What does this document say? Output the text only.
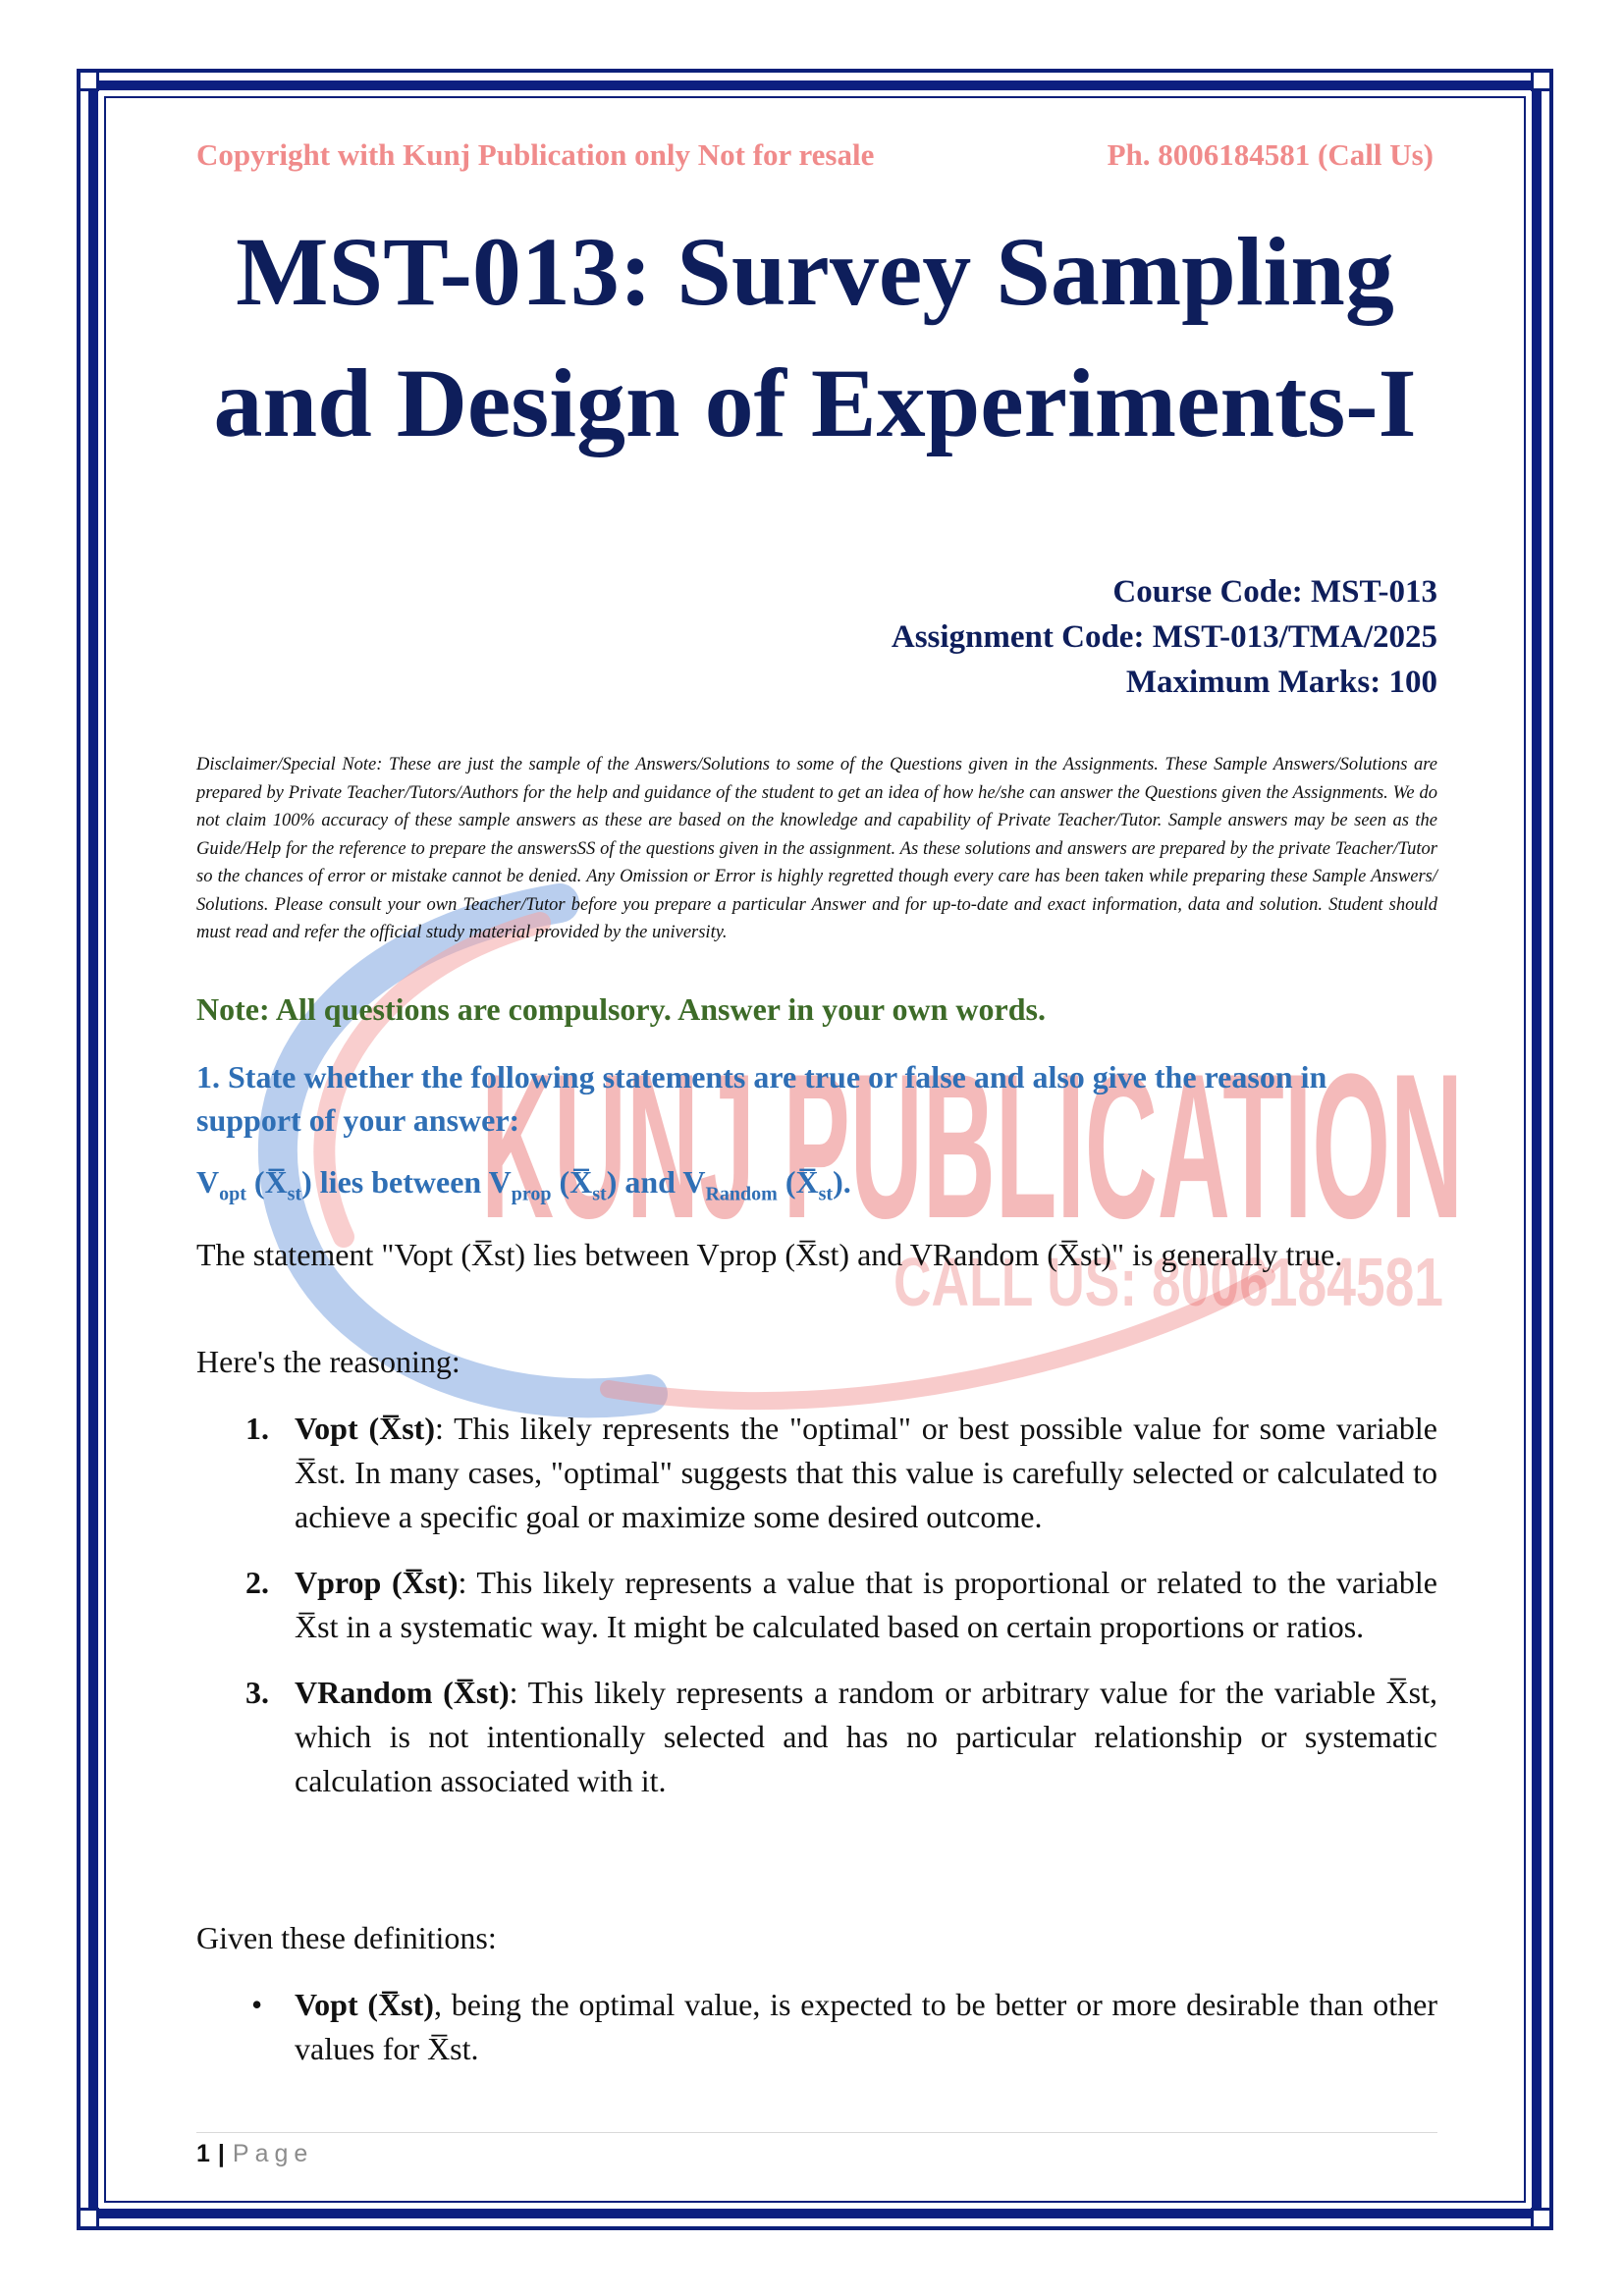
KUNJ PUBLICATION
CALL US: 8006184581
Copyright with Kunj Publication only Not for resale	Ph. 8006184581 (Call Us)
MST-013: Survey Sampling
and Design of Experiments-I
Course Code: MST-013
Assignment Code: MST-013/TMA/2025
Maximum Marks: 100
Disclaimer/Special Note: These are just the sample of the Answers/Solutions to some of the Questions given in the Assignments. These Sample Answers/Solutions are prepared by Private Teacher/Tutors/Authors for the help and guidance of the student to get an idea of how he/she can answer the Questions given the Assignments. We do not claim 100% accuracy of these sample answers as these are based on the knowledge and capability of Private Teacher/Tutor. Sample answers may be seen as the Guide/Help for the reference to prepare the answersSS of the questions given in the assignment. As these solutions and answers are prepared by the private Teacher/Tutor so the chances of error or mistake cannot be denied. Any Omission or Error is highly regretted though every care has been taken while preparing these Sample Answers/ Solutions. Please consult your own Teacher/Tutor before you prepare a particular Answer and for up-to-date and exact information, data and solution. Student should must read and refer the official study material provided by the university.
Note: All questions are compulsory. Answer in your own words.
1. State whether the following statements are true or false and also give the reason in support of your answer:
$V_{opt}$ $(X̅_{st})$ lies between $V_{prop}$ $(X̅_{st})$ and $V_{Random}$ $(X̅_{st})$.
The statement "Vopt (X̅st) lies between Vprop (X̅st) and VRandom (X̅st)" is generally true.
Here's the reasoning:
1. Vopt (X̅st): This likely represents the "optimal" or best possible value for some variable X̅st. In many cases, "optimal" suggests that this value is carefully selected or calculated to achieve a specific goal or maximize some desired outcome.
2. Vprop (X̅st): This likely represents a value that is proportional or related to the variable X̅st in a systematic way. It might be calculated based on certain proportions or ratios.
3. VRandom (X̅st): This likely represents a random or arbitrary value for the variable X̅st, which is not intentionally selected and has no particular relationship or systematic calculation associated with it.
Given these definitions:
• Vopt (X̅st), being the optimal value, is expected to be better or more desirable than other values for X̅st.
1 | Page
